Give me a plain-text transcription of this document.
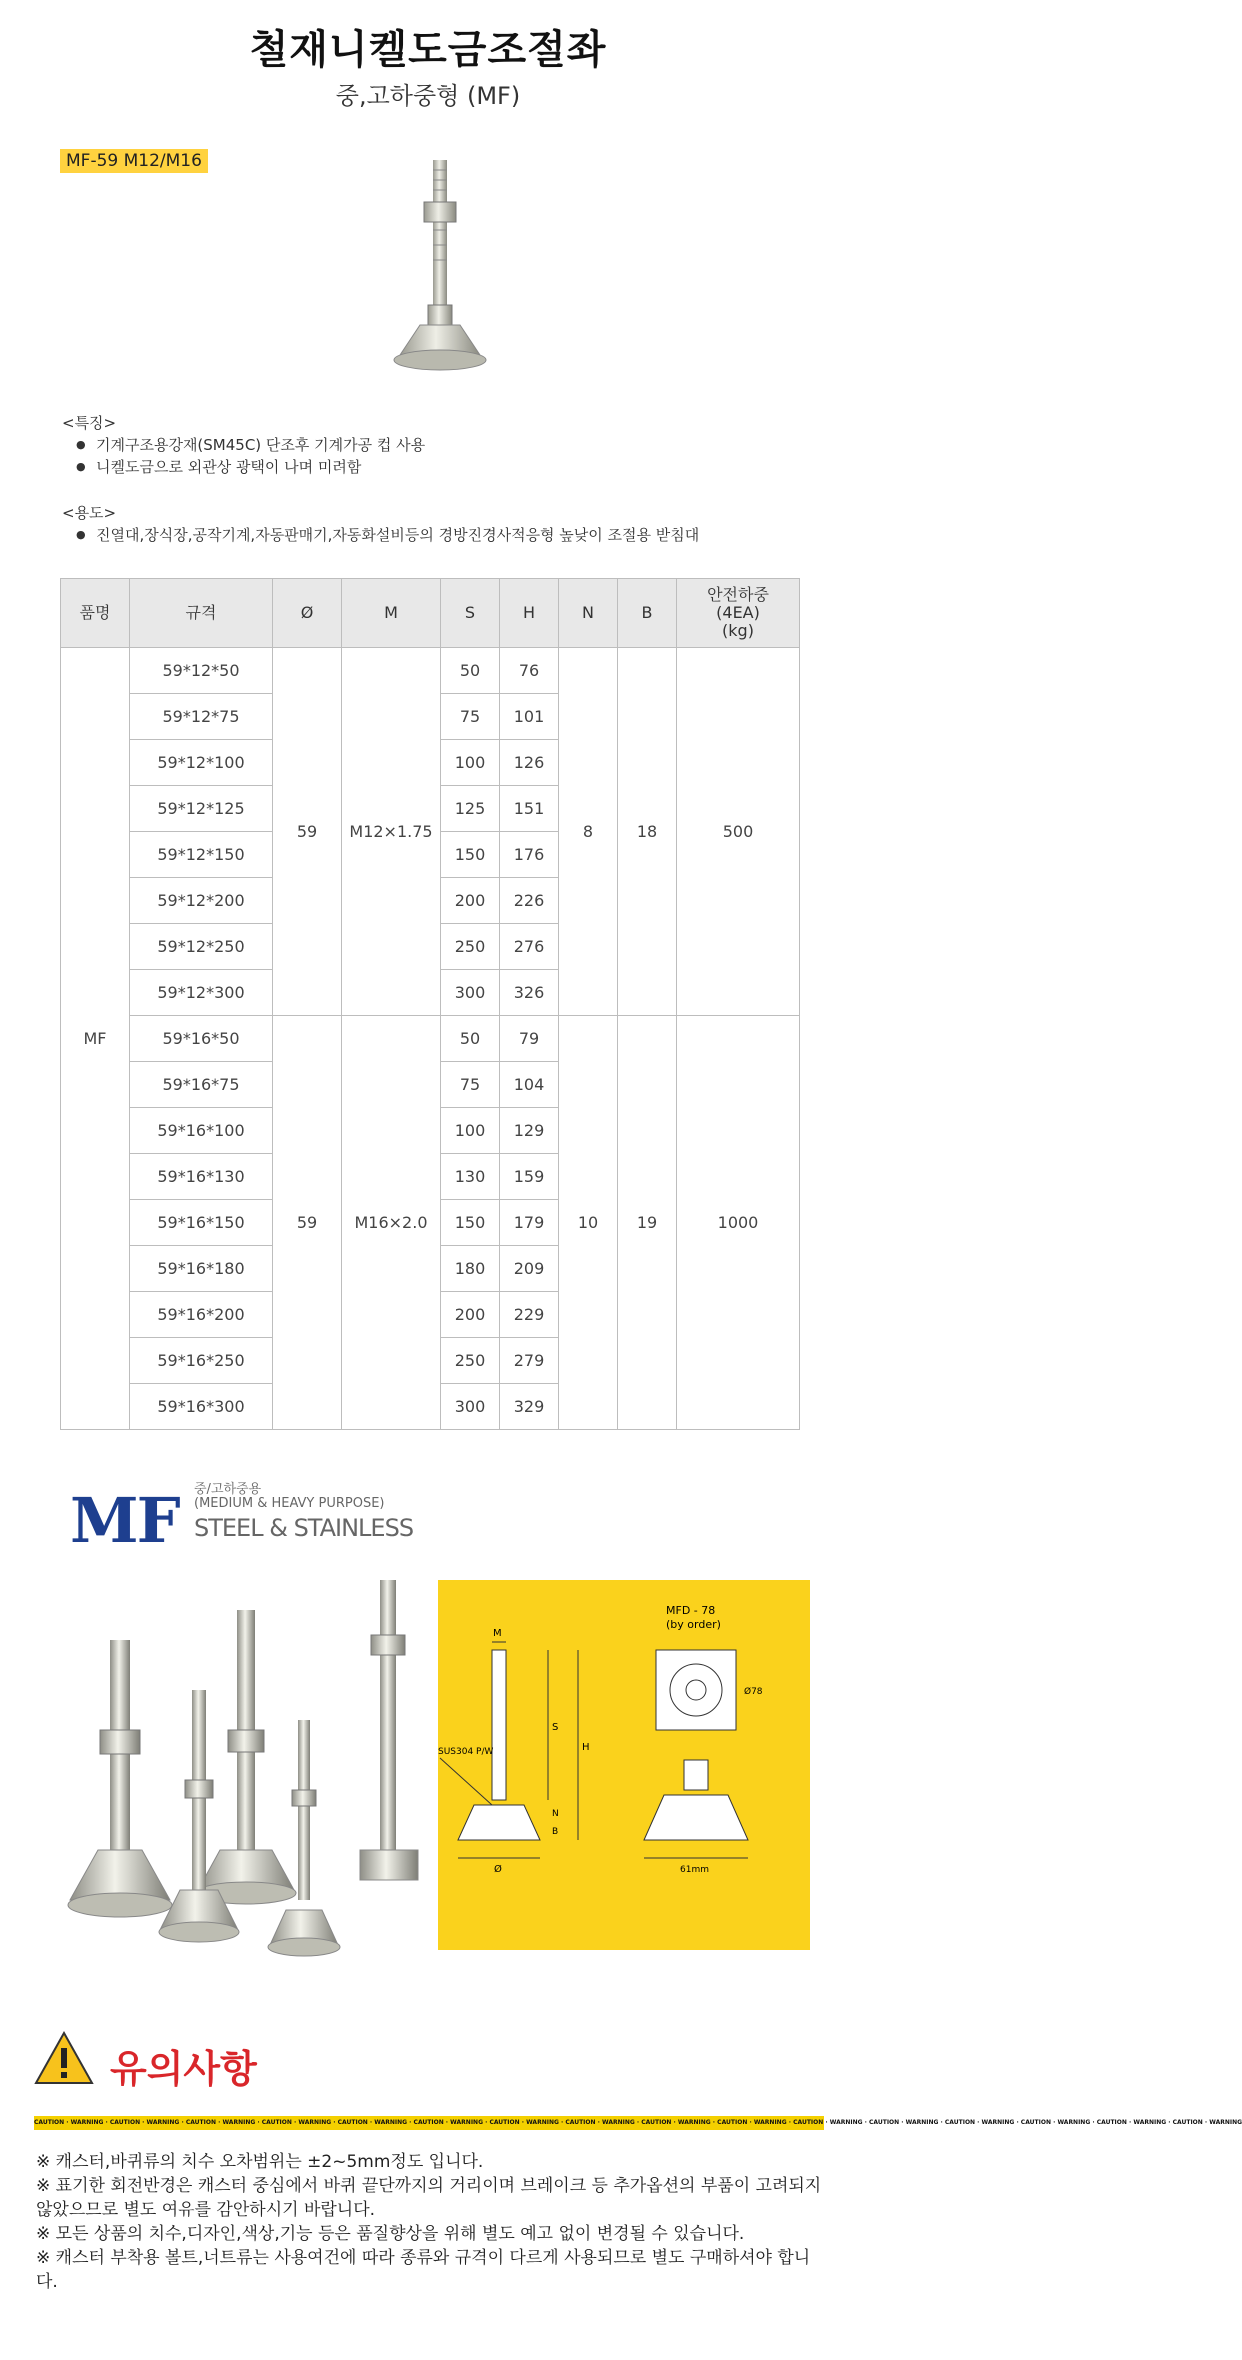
철재니켈도금조절좌
중,고하중형 (MF)
MF-59 M12/M16
<특징>
● 기계구조용강재(SM45C) 단조후 기계가공 컵 사용
● 니켈도금으로 외관상 광택이 나며 미려함
<용도>
● 진열대,장식장,공작기계,자동판매기,자동화설비등의 경방진경사적응형 높낮이 조절용 받침대
품명	규격	Ø	M	S	H	N	B	안전하중
(4EA)
(kg)
MF	59*12*50	59	M12×1.75	50	76	8	18	500
	59*12*75			75	101			
	59*12*100			100	126			
	59*12*125			125	151			
	59*12*150			150	176			
	59*12*200			200	226			
	59*12*250			250	276			
	59*12*300			300	326			
	59*16*50	59	M16×2.0	50	79	10	19	1000
	59*16*75			75	104			
	59*16*100			100	129			
	59*16*130			130	159			
	59*16*150			150	179			
	59*16*180			180	209			
	59*16*200			200	229			
	59*16*250			250	279			
	59*16*300			300	329			
MF 중/고하중용
(MEDIUM & HEAVY PURPOSE)
STEEL & STAINLESS
M
S
H
N
B
Ø
SUS304 P/W
MFD - 78
(by order)
Ø78
61mm
유의사항
CAUTION · WARNING · CAUTION · WARNING · CAUTION · WARNING · CAUTION · WARNING · CAUTION · WARNING · CAUTION · WARNING · CAUTION · WARNING · CAUTION · WARNING · CAUTION · WARNING · CAUTION · WARNING · CAUTION · WARNING · CAUTION · WARNING · CAUTION · WARNING · CAUTION · WARNING · CAUTION · WARNING · CAUTION · WARNING

※ 캐스터,바퀴류의 치수 오차범위는 ±2~5mm정도 입니다.

※ 표기한 회전반경은 캐스터 중심에서 바퀴 끝단까지의 거리이며 브레이크 등 추가옵션의 부품이 고려되지 않았으므로 별도 여유를 감안하시기 바랍니다.

※ 모든 상품의 치수,디자인,색상,기능 등은 품질향상을 위해 별도 예고 없이 변경될 수 있습니다.

※ 캐스터 부착용 볼트,너트류는 사용여건에 따라 종류와 규격이 다르게 사용되므로 별도 구매하셔야 합니다.
